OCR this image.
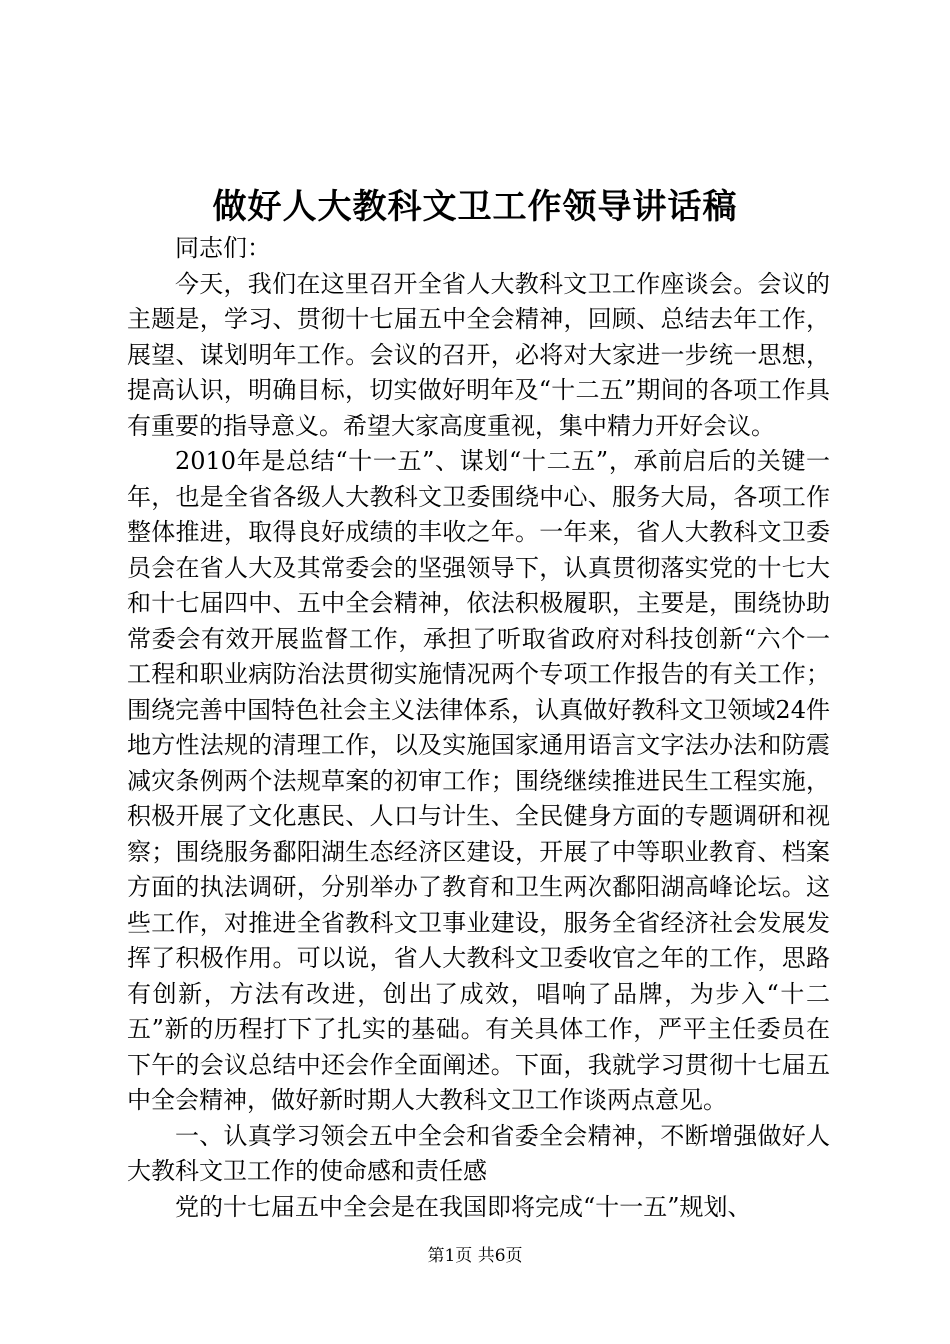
做好人大教科文卫工作领导讲话稿

同志们：

今天，我们在这里召开全省人大教科文卫工作座谈会。会议的主题是，学习、贯彻十七届五中全会精神，回顾、总结去年工作，展望、谋划明年工作。会议的召开，必将对大家进一步统一思想，提高认识，明确目标，切实做好明年及“十二五”期间的各项工作具有重要的指导意义。希望大家高度重视，集中精力开好会议。

2010年是总结“十一五”、谋划“十二五”，承前启后的关键一年，也是全省各级人大教科文卫委围绕中心、服务大局，各项工作整体推进，取得良好成绩的丰收之年。一年来，省人大教科文卫委员会在省人大及其常委会的坚强领导下，认真贯彻落实党的十七大和十七届四中、五中全会精神，依法积极履职，主要是，围绕协助常委会有效开展监督工作，承担了听取省政府对科技创新“六个一工程和职业病防治法贯彻实施情况两个专项工作报告的有关工作；围绕完善中国特色社会主义法律体系，认真做好教科文卫领域24件地方性法规的清理工作，以及实施国家通用语言文字法办法和防震减灾条例两个法规草案的初审工作；围绕继续推进民生工程实施，积极开展了文化惠民、人口与计生、全民健身方面的专题调研和视察；围绕服务鄱阳湖生态经济区建设，开展了中等职业教育、档案方面的执法调研，分别举办了教育和卫生两次鄱阳湖高峰论坛。这些工作，对推进全省教科文卫事业建设，服务全省经济社会发展发挥了积极作用。可以说，省人大教科文卫委收官之年的工作，思路有创新，方法有改进，创出了成效，唱响了品牌，为步入“十二五”新的历程打下了扎实的基础。有关具体工作，严平主任委员在下午的会议总结中还会作全面阐述。下面，我就学习贯彻十七届五中全会精神，做好新时期人大教科文卫工作谈两点意见。

一、认真学习领会五中全会和省委全会精神，不断增强做好人大教科文卫工作的使命感和责任感

党的十七届五中全会是在我国即将完成“十一五”规划、

第1页 共6页
